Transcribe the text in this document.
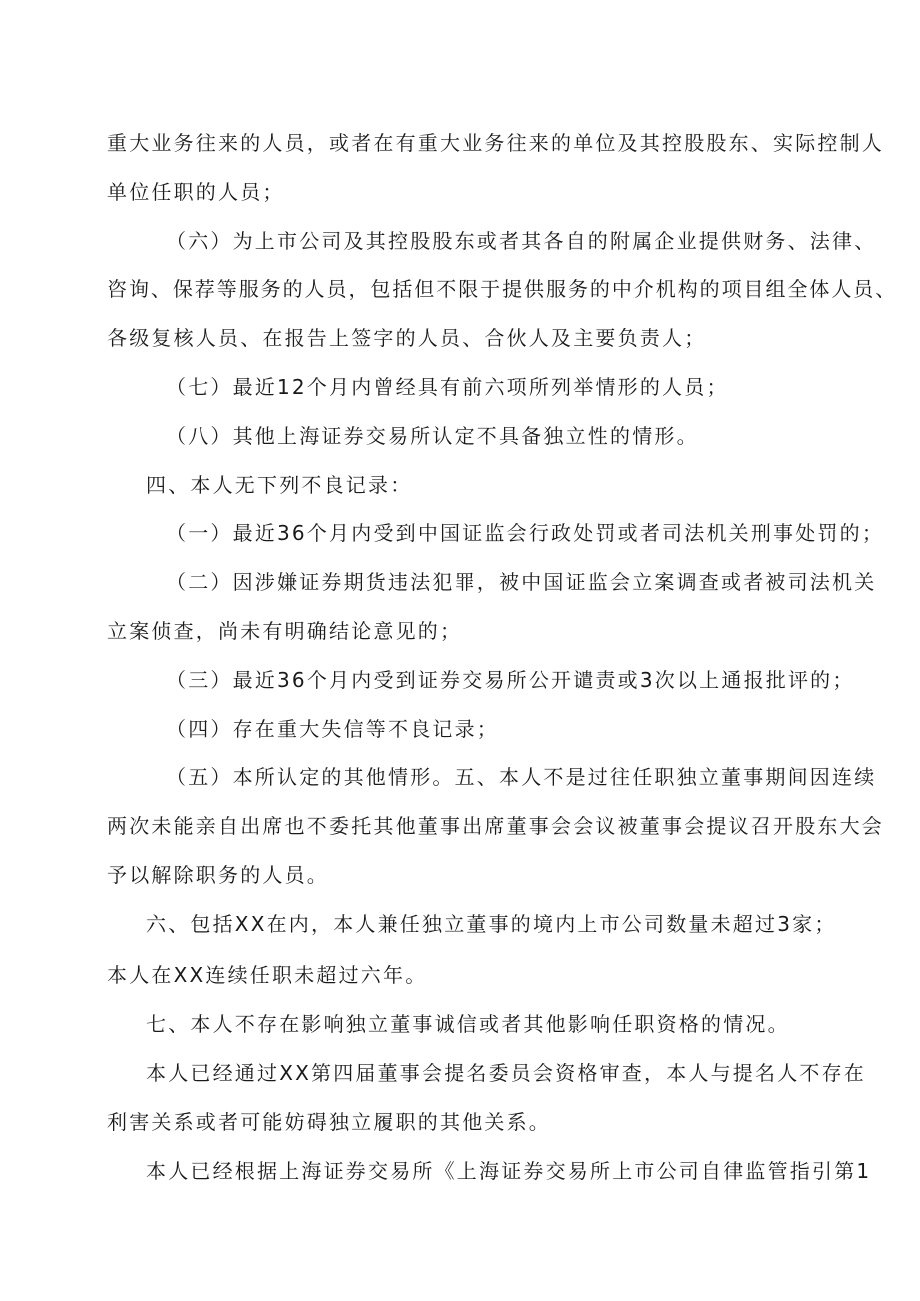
重大业务往来的人员，或者在有重大业务往来的单位及其控股股东、实际控制人
单位任职的人员；
（六）为上市公司及其控股股东或者其各自的附属企业提供财务、法律、
咨询、保荐等服务的人员，包括但不限于提供服务的中介机构的项目组全体人员、
各级复核人员、在报告上签字的人员、合伙人及主要负责人；
（七）最近12个月内曾经具有前六项所列举情形的人员；
（八）其他上海证券交易所认定不具备独立性的情形。
四、本人无下列不良记录：
（一）最近36个月内受到中国证监会行政处罚或者司法机关刑事处罚的；
（二）因涉嫌证券期货违法犯罪，被中国证监会立案调查或者被司法机关
立案侦查，尚未有明确结论意见的；
（三）最近36个月内受到证券交易所公开谴责或3次以上通报批评的；
（四）存在重大失信等不良记录；
（五）本所认定的其他情形。五、本人不是过往任职独立董事期间因连续
两次未能亲自出席也不委托其他董事出席董事会会议被董事会提议召开股东大会
予以解除职务的人员。
六、包括XX在内，本人兼任独立董事的境内上市公司数量未超过3家；
本人在XX连续任职未超过六年。
七、本人不存在影响独立董事诚信或者其他影响任职资格的情况。
本人已经通过XX第四届董事会提名委员会资格审查，本人与提名人不存在
利害关系或者可能妨碍独立履职的其他关系。
本人已经根据上海证券交易所《上海证券交易所上市公司自律监管指引第1
